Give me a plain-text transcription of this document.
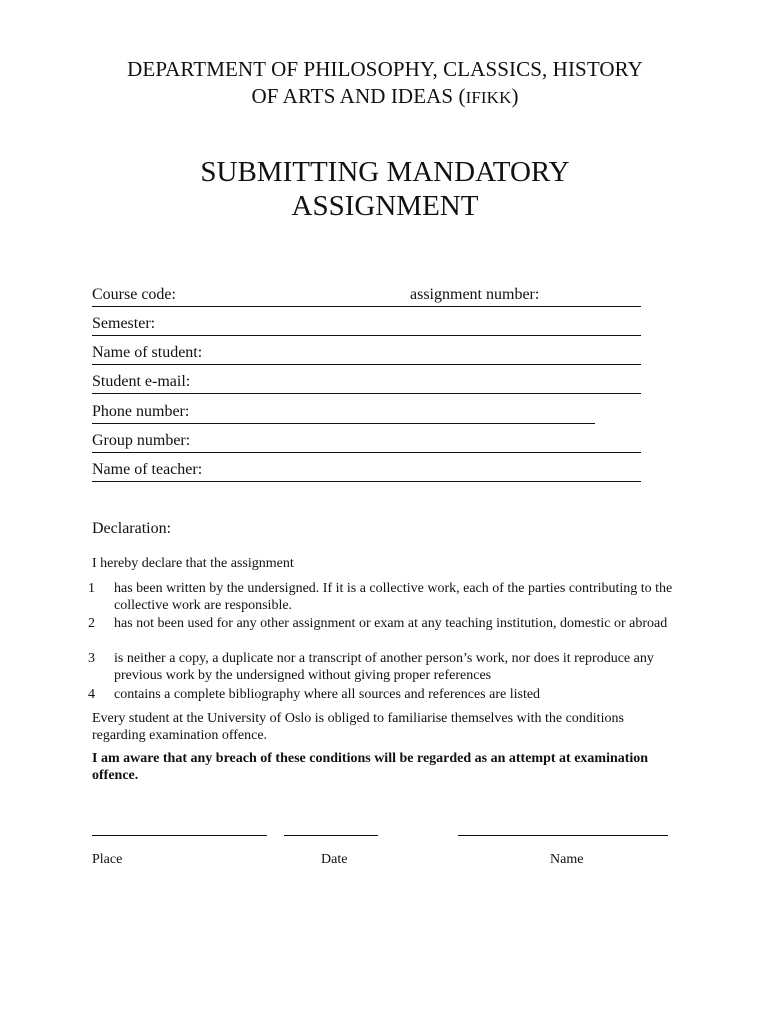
DEPARTMENT OF PHILOSOPHY, CLASSICS, HISTORY
OF ARTS AND IDEAS (IFIKK)
SUBMITTING MANDATORY
ASSIGNMENT
Course code:	assignment number:
Semester:
Name of student:
Student e-mail:
Phone number:
Group number:
Name of teacher:
Declaration:
I hereby declare that the assignment
1 has been written by the undersigned. If it is a collective work, each of the parties contributing to the collective work are responsible.
2 has not been used for any other assignment or exam at any teaching institution, domestic or abroad
3 is neither a copy, a duplicate nor a transcript of another person’s work, nor does it reproduce any previous work by the undersigned without giving proper references
4 contains a complete bibliography where all sources and references are listed
Every student at the University of Oslo is obliged to familiarise themselves with the conditions regarding examination offence.
I am aware that any breach of these conditions will be regarded as an attempt at examination offence.
Place	Date	Name
